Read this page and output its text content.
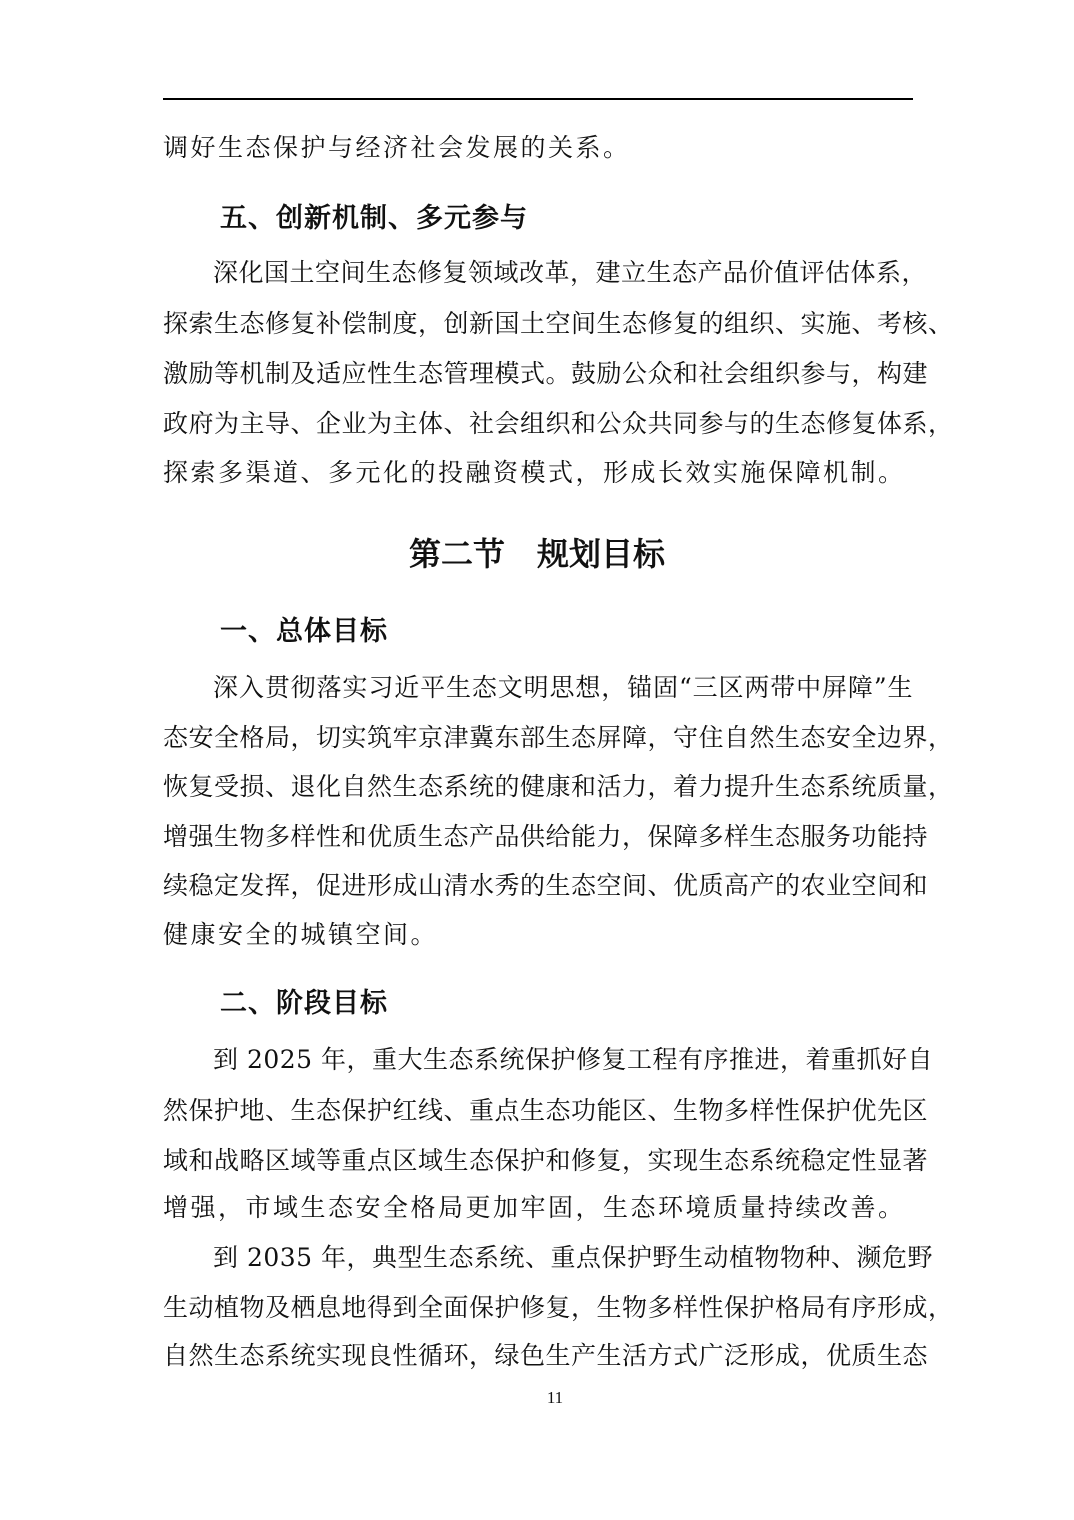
调好生态保护与经济社会发展的关系。
五、创新机制、多元参与
深化国土空间生态修复领域改革，建立生态产品价值评估体系，
探索生态修复补偿制度，创新国土空间生态修复的组织、实施、考核、
激励等机制及适应性生态管理模式。鼓励公众和社会组织参与，构建
政府为主导、企业为主体、社会组织和公众共同参与的生态修复体系，
探索多渠道、多元化的投融资模式，形成长效实施保障机制。
第二节　规划目标
一、总体目标
深入贯彻落实习近平生态文明思想，锚固“三区两带中屏障”生
态安全格局，切实筑牢京津冀东部生态屏障，守住自然生态安全边界，
恢复受损、退化自然生态系统的健康和活力，着力提升生态系统质量，
增强生物多样性和优质生态产品供给能力，保障多样生态服务功能持
续稳定发挥，促进形成山清水秀的生态空间、优质高产的农业空间和
健康安全的城镇空间。
二、阶段目标
到 2025 年，重大生态系统保护修复工程有序推进，着重抓好自
然保护地、生态保护红线、重点生态功能区、生物多样性保护优先区
域和战略区域等重点区域生态保护和修复，实现生态系统稳定性显著
增强，市域生态安全格局更加牢固，生态环境质量持续改善。
到 2035 年，典型生态系统、重点保护野生动植物物种、濒危野
生动植物及栖息地得到全面保护修复，生物多样性保护格局有序形成，
自然生态系统实现良性循环，绿色生产生活方式广泛形成，优质生态
11
